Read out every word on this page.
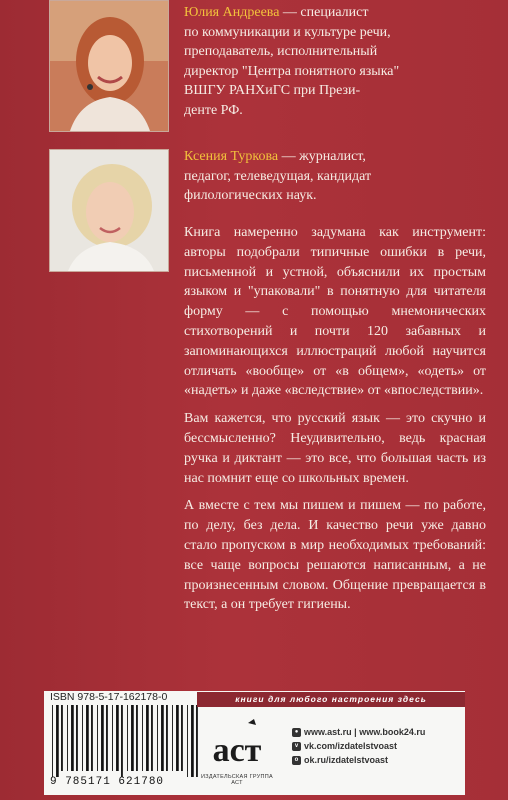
Юлия Андреева — специалист
по коммуникации и культуре речи,
преподаватель, исполнительный
директор "Центра понятного языка"
ВШГУ РАНХиГС при Прези-
денте РФ.
Ксения Туркова — журналист,
педагог, телеведущая, кандидат
филологических наук.

Книга намеренно задумана как инструмент: авторы подобрали типичные ошибки в речи, письменной и устной, объяснили их простым языком и "упаковали" в понятную для читателя форму — с помощью мнемонических стихотворений и почти 120 забавных и запоминающихся иллюстраций любой научится отличать «вообще» от «в общем», «одеть» от «надеть» и даже «вследствие» от «впоследствии».

Вам кажется, что русский язык — это скучно и бессмысленно? Неудивительно, ведь красная ручка и диктант — это все, что большая часть из нас помнит еще со школьных времен.

А вместе с тем мы пишем и пишем — по работе, по делу, без дела. И качество речи уже давно стало пропуском в мир необходимых требований: все чаще вопросы решаются написанным, а не произнесенным словом. Общение превращается в текст, а он требует гигиены.

ISBN 978-5-17-162178-0
9 785171 621780
книги для любого настроения здесь
аст
ИЗДАТЕЛЬСКАЯ ГРУППА АСТ
● www.ast.ru | www.book24.ru
v vk.com/izdatelstvoast
o ok.ru/izdatelstvoast
